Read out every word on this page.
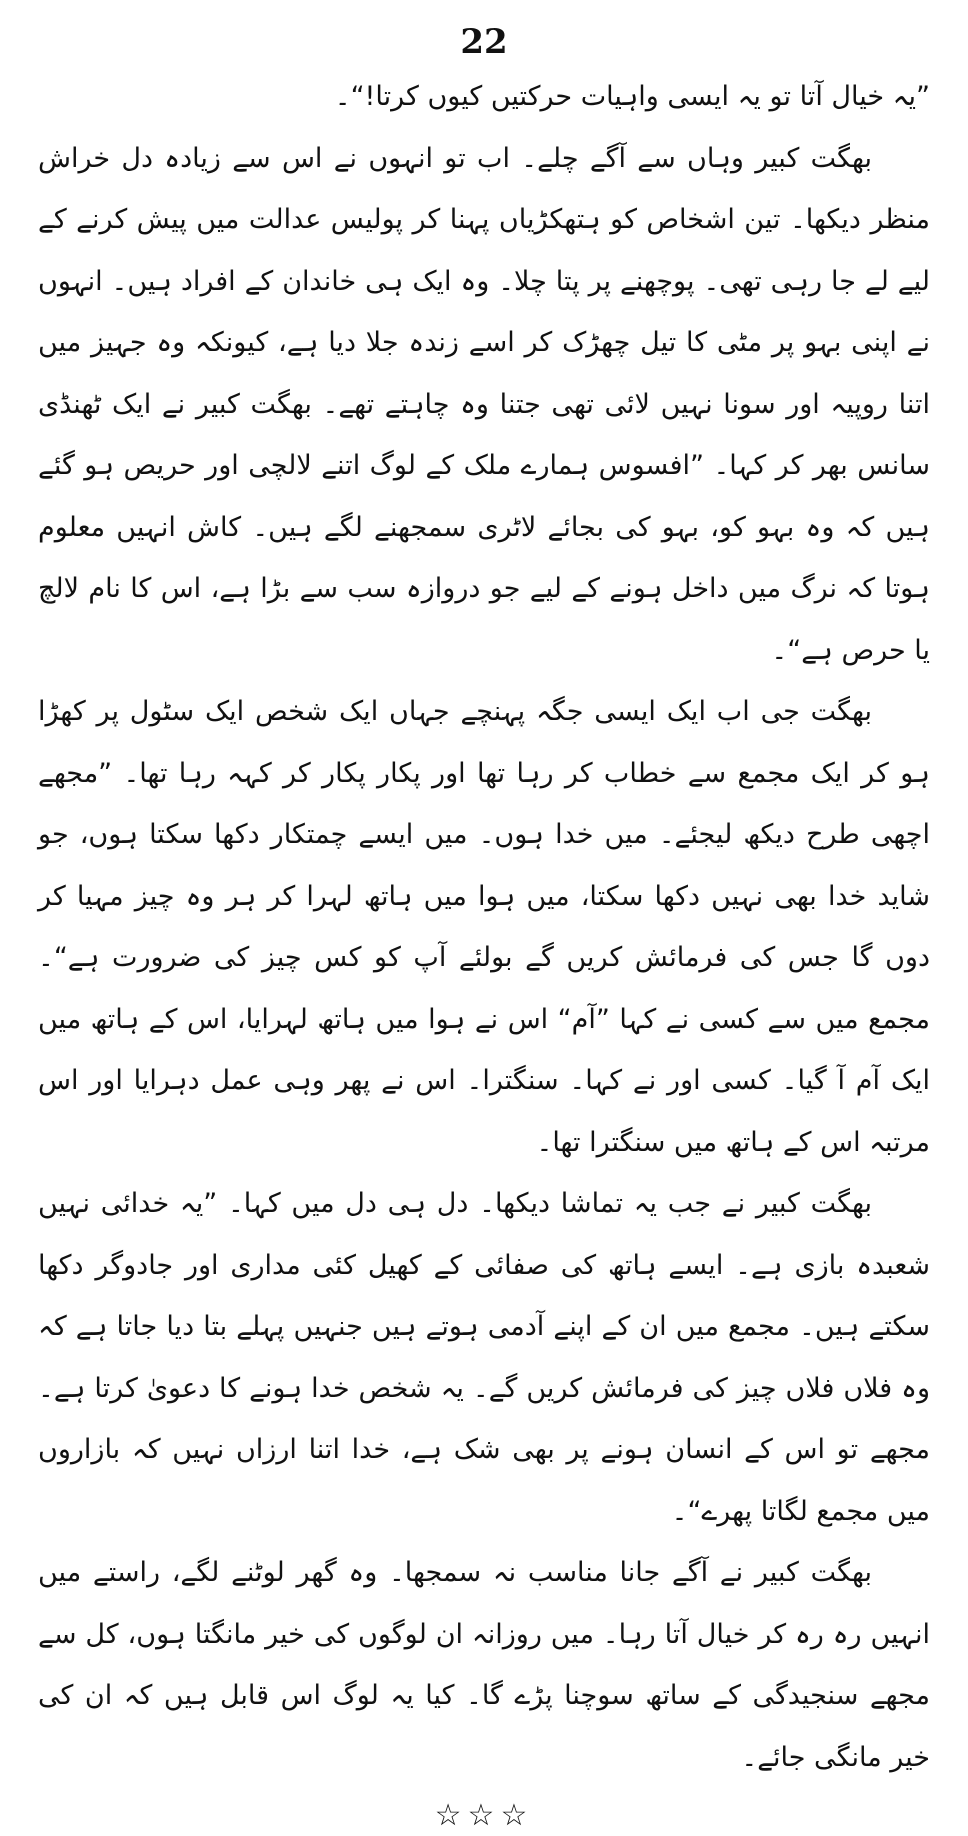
22

”یہ خیال آتا تو یہ ایسی واہیات حرکتیں کیوں کرتا!“۔

بھگت کبیر وہاں سے آگے چلے۔ اب تو انہوں نے اس سے زیادہ دل خراش منظر دیکھا۔ تین اشخاص کو ہتھکڑیاں پہنا کر پولیس عدالت میں پیش کرنے کے لیے لے جا رہی تھی۔ پوچھنے پر پتا چلا۔ وہ ایک ہی خاندان کے افراد ہیں۔ انہوں نے اپنی بہو پر مٹی کا تیل چھڑک کر اسے زندہ جلا دیا ہے، کیونکہ وہ جہیز میں اتنا روپیہ اور سونا نہیں لائی تھی جتنا وہ چاہتے تھے۔ بھگت کبیر نے ایک ٹھنڈی سانس بھر کر کہا۔ ”افسوس ہمارے ملک کے لوگ اتنے لالچی اور حریص ہو گئے ہیں کہ وہ بہو کو، بہو کی بجائے لاٹری سمجھنے لگے ہیں۔ کاش انہیں معلوم ہوتا کہ نرگ میں داخل ہونے کے لیے جو دروازہ سب سے بڑا ہے، اس کا نام لالچ یا حرص ہے“۔

بھگت جی اب ایک ایسی جگہ پہنچے جہاں ایک شخص ایک سٹول پر کھڑا ہو کر ایک مجمع سے خطاب کر رہا تھا اور پکار پکار کر کہہ رہا تھا۔ ”مجھے اچھی طرح دیکھ لیجئے۔ میں خدا ہوں۔ میں ایسے چمتکار دکھا سکتا ہوں، جو شاید خدا بھی نہیں دکھا سکتا، میں ہوا میں ہاتھ لہرا کر ہر وہ چیز مہیا کر دوں گا جس کی فرمائش کریں گے بولئے آپ کو کس چیز کی ضرورت ہے“۔ مجمع میں سے کسی نے کہا ”آم“ اس نے ہوا میں ہاتھ لہرایا، اس کے ہاتھ میں ایک آم آ گیا۔ کسی اور نے کہا۔ سنگترا۔ اس نے پھر وہی عمل دہرایا اور اس مرتبہ اس کے ہاتھ میں سنگترا تھا۔

بھگت کبیر نے جب یہ تماشا دیکھا۔ دل ہی دل میں کہا۔ ”یہ خدائی نہیں شعبدہ بازی ہے۔ ایسے ہاتھ کی صفائی کے کھیل کئی مداری اور جادوگر دکھا سکتے ہیں۔ مجمع میں ان کے اپنے آدمی ہوتے ہیں جنہیں پہلے بتا دیا جاتا ہے کہ وہ فلاں فلاں چیز کی فرمائش کریں گے۔ یہ شخص خدا ہونے کا دعویٰ کرتا ہے۔ مجھے تو اس کے انسان ہونے پر بھی شک ہے، خدا اتنا ارزاں نہیں کہ بازاروں میں مجمع لگاتا پھرے“۔

بھگت کبیر نے آگے جانا مناسب نہ سمجھا۔ وہ گھر لوٹنے لگے، راستے میں انہیں رہ رہ کر خیال آتا رہا۔ میں روزانہ ان لوگوں کی خیر مانگتا ہوں، کل سے مجھے سنجیدگی کے ساتھ سوچنا پڑے گا۔ کیا یہ لوگ اس قابل ہیں کہ ان کی خیر مانگی جائے۔

☆☆☆
